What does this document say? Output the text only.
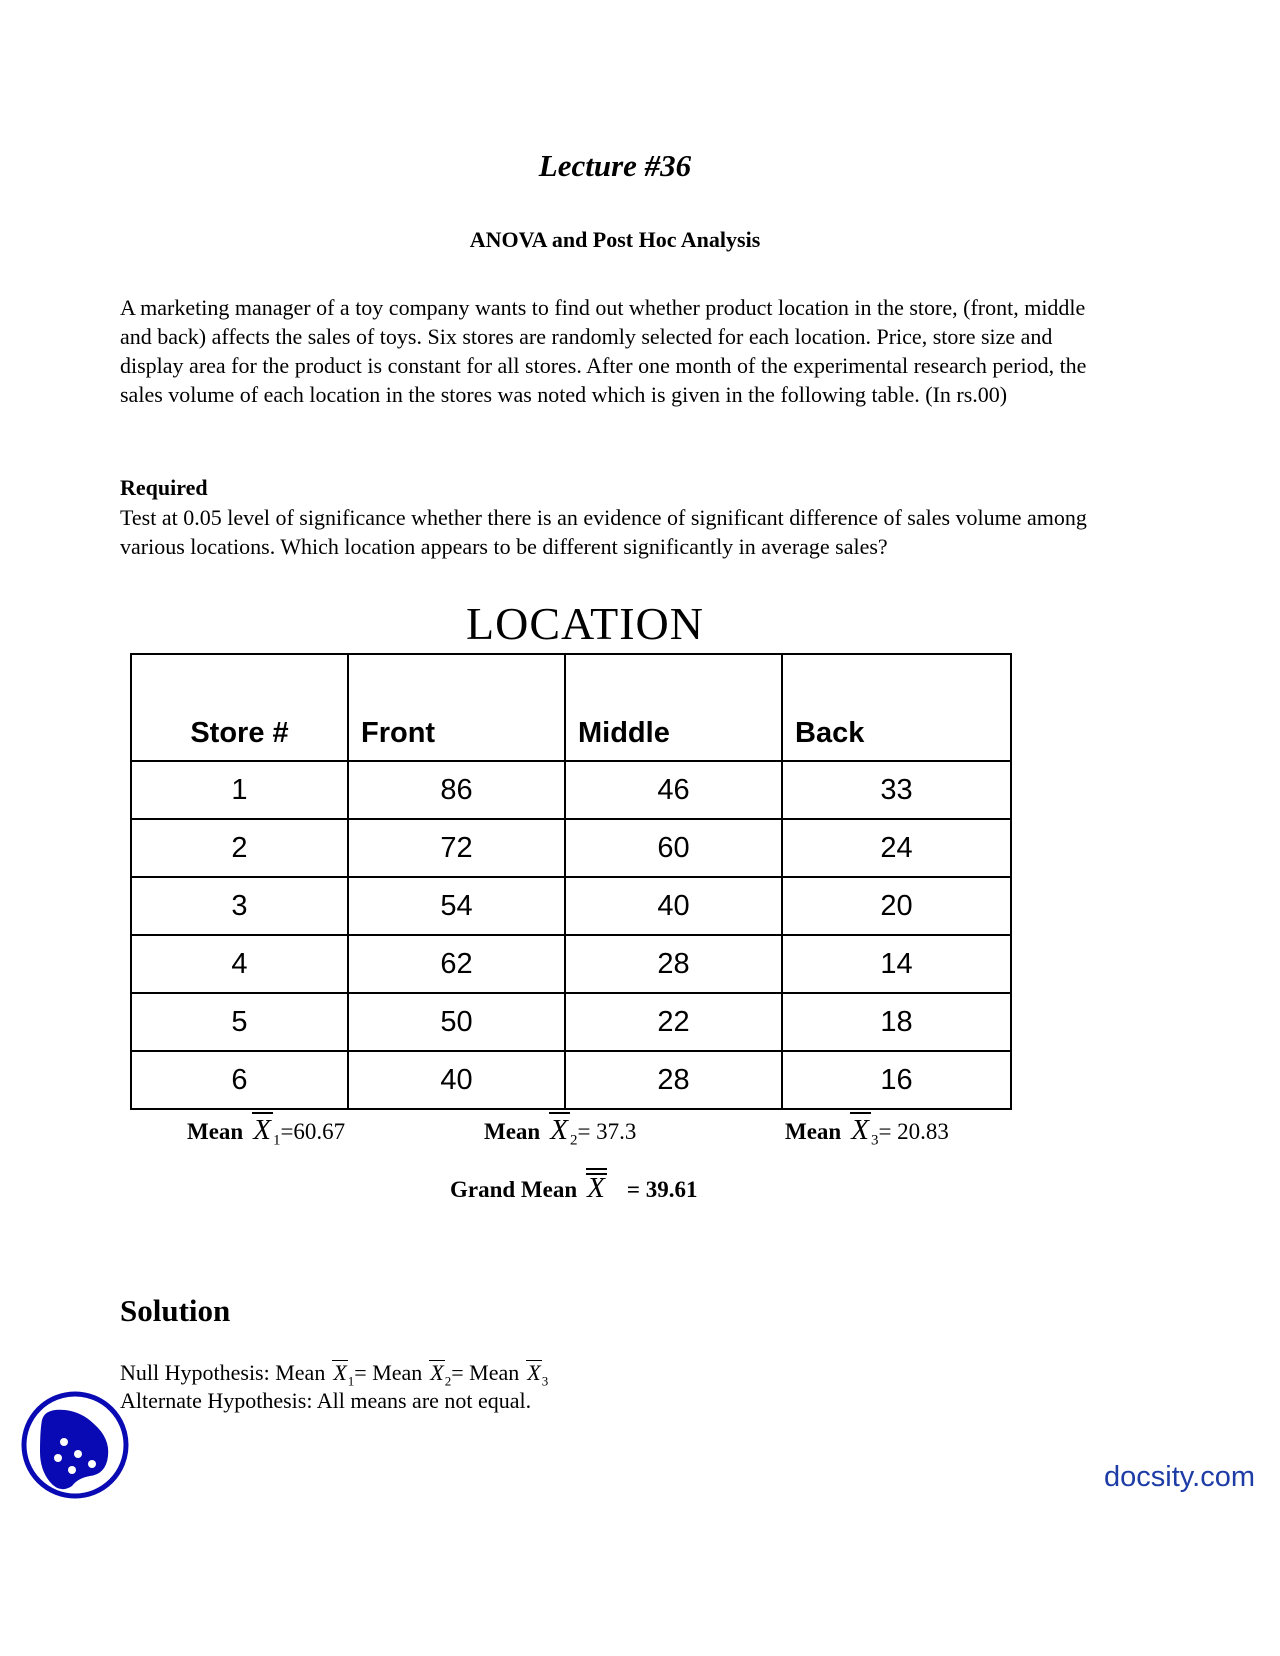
Lecture #36
ANOVA and Post Hoc Analysis
A marketing manager of a toy company wants to find out whether product location in the store, (front, middle and back) affects the sales of toys. Six stores are randomly selected for each location. Price, store size and display area for the product is constant for all stores. After one month of the experimental research period, the sales volume of each location in the stores was noted which is given in the following table. (In rs.00)
Required
Test at 0.05 level of significance whether there is an evidence of significant difference of sales volume among various locations. Which location appears to be different significantly in average sales?
LOCATION
Store #	Front	Middle	Back
1	86	46	33
2	72	60	24
3	54	40	20
4	62	28	14
5	50	22	18
6	40	28	16
Mean X $_1$=60.67	Mean X $_2$= 37.3	Mean X $_3$= 20.83
Grand Mean X = 39.61
Solution
Null Hypothesis: Mean $X_1=$ Mean $X_2=$ Mean $X_3$
Alternate Hypothesis: All means are not equal.
docsity.com
